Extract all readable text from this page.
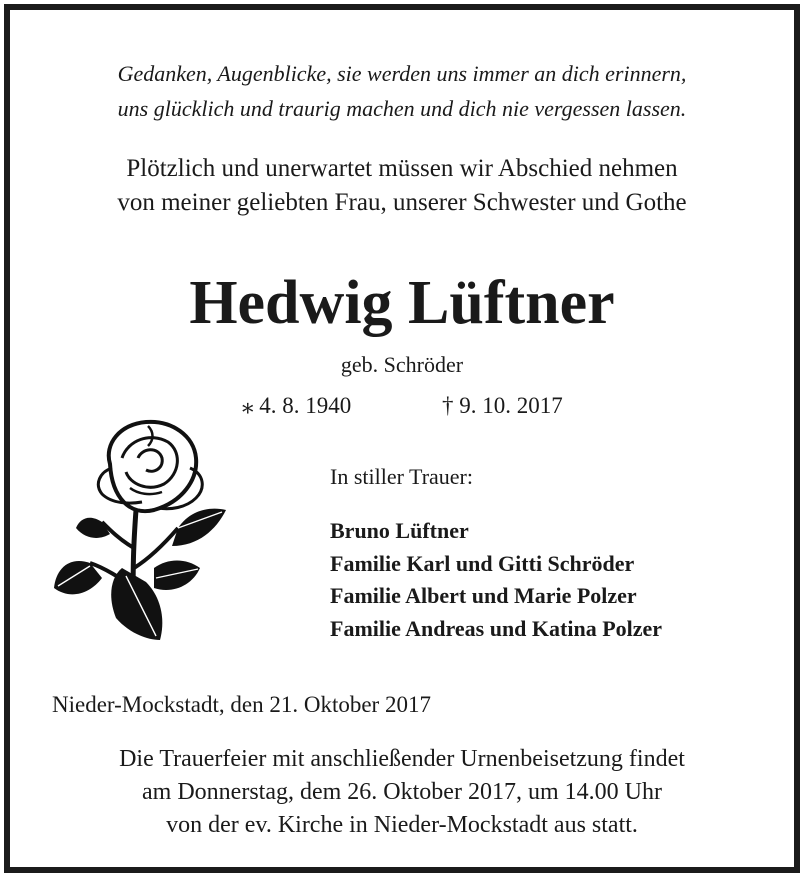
Gedanken, Augenblicke, sie werden uns immer an dich erinnern,
uns glücklich und traurig machen und dich nie vergessen lassen.
Plötzlich und unerwartet müssen wir Abschied nehmen
von meiner geliebten Frau, unserer Schwester und Gothe
Hedwig Lüftner
geb. Schröder
⁎ 4. 8. 1940	† 9. 10. 2017
In stiller Trauer:
Bruno Lüftner
Familie Karl und Gitti Schröder
Familie Albert und Marie Polzer
Familie Andreas und Katina Polzer
Nieder-Mockstadt, den 21. Oktober 2017
Die Trauerfeier mit anschließender Urnenbeisetzung findet
am Donnerstag, dem 26. Oktober 2017, um 14.00 Uhr
von der ev. Kirche in Nieder-Mockstadt aus statt.
